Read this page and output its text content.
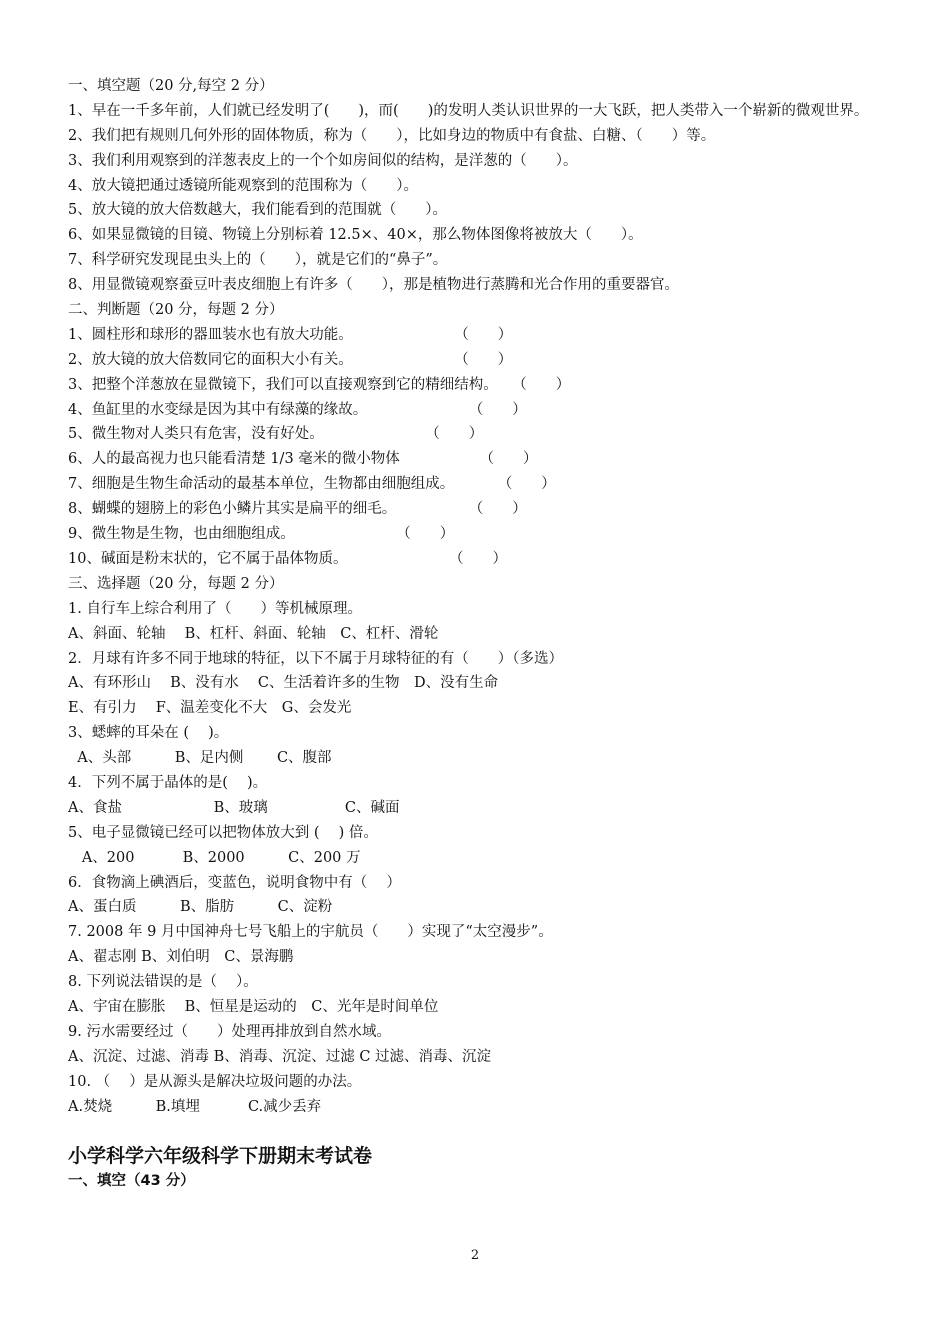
一、填空题（20 分,每空 2 分）
1、早在一千多年前，人们就已经发明了(　　)，而(　　)的发明人类认识世界的一大飞跃，把人类带入一个崭新的微观世界。
2、我们把有规则几何外形的固体物质，称为（　　），比如身边的物质中有食盐、白糖、（　　）等。
3、我们利用观察到的洋葱表皮上的一个个如房间似的结构，是洋葱的（　　）。
4、放大镜把通过透镜所能观察到的范围称为（　　）。
5、放大镜的放大倍数越大，我们能看到的范围就（　　）。
6、如果显微镜的目镜、物镜上分别标着 12.5×、40×，那么物体图像将被放大（　　）。
7、科学研究发现昆虫头上的（　　），就是它们的“鼻子”。
8、用显微镜观察蚕豆叶表皮细胞上有许多（　　），那是植物进行蒸腾和光合作用的重要器官。
二、判断题（20 分，每题 2 分）
1、圆柱形和球形的器皿装水也有放大功能。　　　　　　　　（　　）
2、放大镜的放大倍数同它的面积大小有关。　　　　　　　　（　　）
3、把整个洋葱放在显微镜下，我们可以直接观察到它的精细结构。　　（　　）
4、鱼缸里的水变绿是因为其中有绿藻的缘故。　　　　　　　　（　　）
5、微生物对人类只有危害，没有好处。　　　　　　　　（　　）
6、人的最高视力也只能看清楚 1/3 毫米的微小物体　　　　　　（　　）
7、细胞是生物生命活动的最基本单位，生物都由细胞组成。　　　　（　　）
8、蝴蝶的翅膀上的彩色小鳞片其实是扁平的细毛。　　　　　　（　　）
9、微生物是生物，也由细胞组成。　　　　　　　　（　　）
10、碱面是粉末状的，它不属于晶体物质。　　　　　　　　（　　）
三、选择题（20 分，每题 2 分）
1. 自行车上综合利用了（　　）等机械原理。
A、斜面、轮轴　 B、杠杆、斜面、轮轴　C、杠杆、滑轮
2．月球有许多不同于地球的特征，以下不属于月球特征的有（　　）（多选）
A、有环形山　 B、没有水　 C、生活着许多的生物　D、没有生命
E、有引力　 F、温差变化不大　G、会发光
3、蟋蟀的耳朵在 (　 )。
A、头部　　　B、足内侧　　 C、腹部
4．下列不属于晶体的是(　 )。
A、食盐　　　　　　 B、玻璃　　　　　 C、碱面
5、电子显微镜已经可以把物体放大到 (　 ) 倍。
A、200　　　 B、2000　　　C、200 万
6．食物滴上碘酒后，变蓝色，说明食物中有（　 ）
A、蛋白质　　　B、脂肪　　　C、淀粉
7. 2008 年 9 月中国神舟七号飞船上的宇航员（　　）实现了“太空漫步”。
A、翟志刚 B、刘伯明　C、景海鹏
8. 下列说法错误的是（　 ）。
A、宇宙在膨胀　 B、恒星是运动的　C、光年是时间单位
9. 污水需要经过（　　）处理再排放到自然水域。
A、沉淀、过滤、消毒 B、消毒、沉淀、过滤 C 过滤、消毒、沉淀
10. （　 ）是从源头是解决垃圾问题的办法。
A.焚烧　　　B.填埋　　　 C.减少丢弃
小学科学六年级科学下册期末考试卷
一、填空（43 分）
2
